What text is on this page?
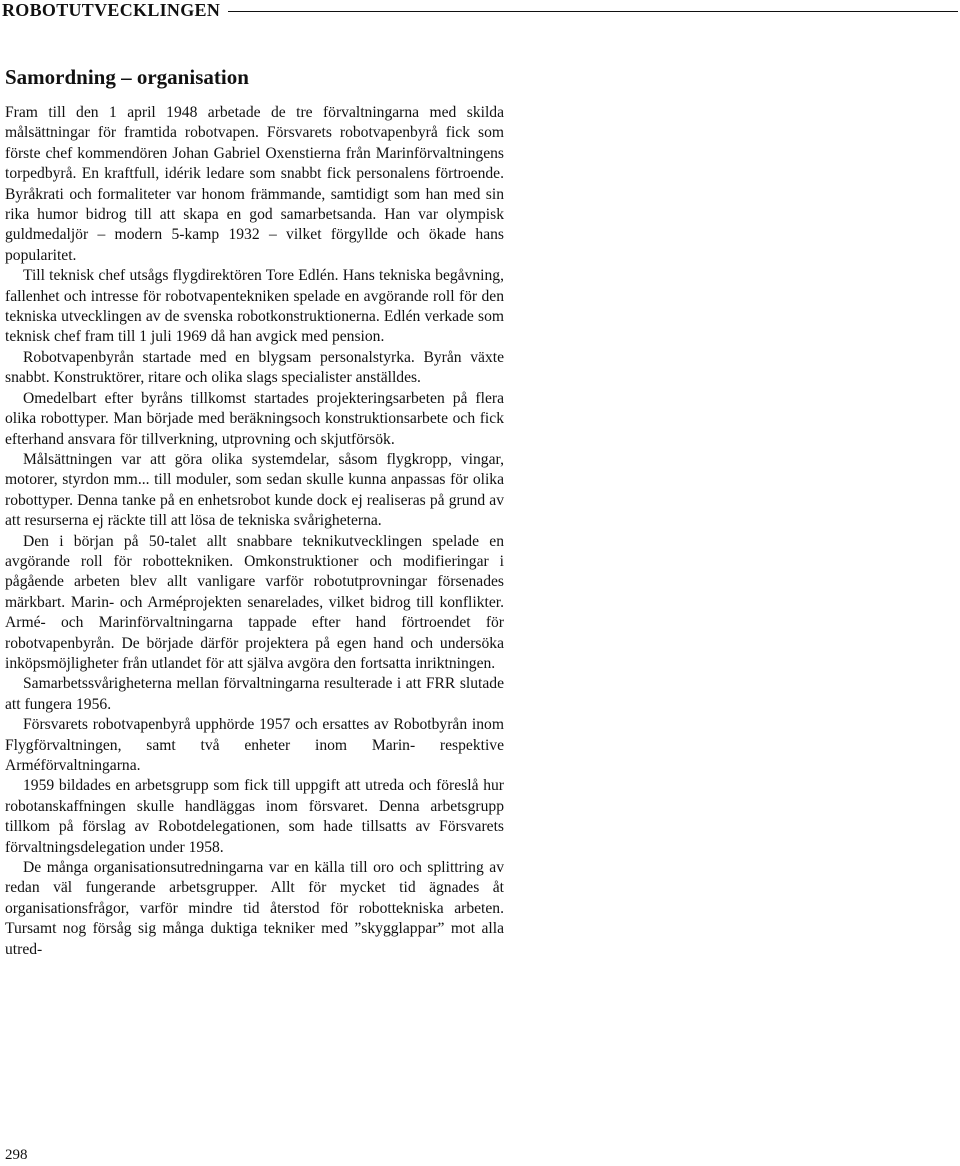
ROBOTUTVECKLINGEN
Samordning – organisation

Fram till den 1 april 1948 arbetade de tre förvaltningarna med skilda målsättningar för framtida robotvapen. Försvarets robotvapenbyrå fick som förste chef kommendören Johan Gabriel Oxenstierna från Marinförvaltningens torpedbyrå. En kraftfull, idérik ledare som snabbt fick personalens förtroende. Byråkrati och formaliteter var honom främmande, samtidigt som han med sin rika humor bidrog till att skapa en god samarbetsanda. Han var olympisk guldmedaljör – modern 5-kamp 1932 – vilket förgyllde och ökade hans popularitet.

Till teknisk chef utsågs flygdirektören Tore Edlén. Hans tekniska begåvning, fallenhet och intresse för robotvapentekniken spelade en avgörande roll för den tekniska utvecklingen av de svenska robotkonstruktionerna. Edlén verkade som teknisk chef fram till 1 juli 1969 då han avgick med pension.

Robotvapenbyrån startade med en blygsam personalstyrka. Byrån växte snabbt. Konstruktörer, ritare och olika slags specialister anställdes.

Omedelbart efter byråns tillkomst startades projekteringsarbeten på flera olika robottyper. Man började med beräkningsoch konstruktionsarbete och fick efterhand ansvara för tillverkning, utprovning och skjutförsök.

Målsättningen var att göra olika systemdelar, såsom flygkropp, vingar, motorer, styrdon mm... till moduler, som sedan skulle kunna anpassas för olika robottyper. Denna tanke på en enhetsrobot kunde dock ej realiseras på grund av att resurserna ej räckte till att lösa de tekniska svårigheterna.

Den i början på 50-talet allt snabbare teknikutvecklingen spelade en avgörande roll för robottekniken. Omkonstruktioner och modifieringar i pågående arbeten blev allt vanligare varför robotutprovningar försenades märkbart. Marin- och Arméprojekten senarelades, vilket bidrog till konflikter. Armé- och Marinförvaltningarna tappade efter hand förtroendet för robotvapenbyrån. De började därför projektera på egen hand och undersöka inköpsmöjligheter från utlandet för att själva avgöra den fortsatta inriktningen.

Samarbetssvårigheterna mellan förvaltningarna resulterade i att FRR slutade att fungera 1956.

Försvarets robotvapenbyrå upphörde 1957 och ersattes av Robotbyrån inom Flygförvaltningen, samt två enheter inom Marin- respektive Arméförvaltningarna.

1959 bildades en arbetsgrupp som fick till uppgift att utreda och föreslå hur robotanskaffningen skulle handläggas inom försvaret. Denna arbetsgrupp tillkom på förslag av Robotdelegationen, som hade tillsatts av Försvarets förvaltningsdelegation under 1958.

De många organisationsutredningarna var en källa till oro och splittring av redan väl fungerande arbetsgrupper. Allt för mycket tid ägnades åt organisationsfrågor, varför mindre tid återstod för robottekniska arbeten. Tursamt nog försåg sig många duktiga tekniker med ”skygglappar” mot alla utred-

298
